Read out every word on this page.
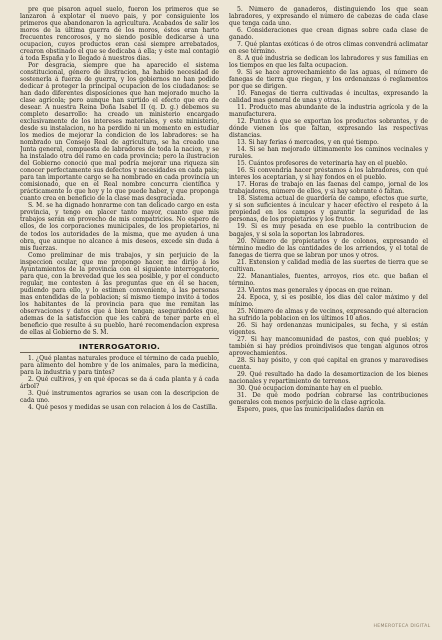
pre que pisaron aquel suelo, fueron los primeros que se lanzaron á explotar el nuevo pais, y por consiguiente los primeros que abandonaron la agricultura. Acabados de salir los moros de la última guerra de los moros, éstos eran harto frecuentes rencorosos, y no siendo posible dedicarse á una ocupacion, cuyos productos eran casi siempre arrebatados, crearon obstinado el que se dedicaba á ella; y este mal contagió á toda España y lo llegado á nuestros dias.

Por desgracia, siempre que ha aparecido el sistema constitucional, género de ilustracion, ha habido necesidad de sostenerla á fuerza de guerra, y los gobiernos no han podido dedicar á proteger la principal ocupacion de los ciudadanos: se han dado diferentes disposiciones que han mejorado mucho la clase agrícola; pero aunque han surtido el efecto que era de desear. A nuestra Reina Doña Isabel II (q. D. g.) debemos su completo desarrollo: ha creado un ministerio encargado exclusivamente de los intereses materiales, y este ministerio, desde su instalacion, no ha perdido ni un momento en estudiar los medios de mejorar la condicion de los labradores: se ha nombrado un Consejo Real de agricultura, se ha creado una Junta general, compuesta de labradores de toda la nacion, y se ha instalado otra del ramo en cada provincia; pero la ilustracion del Gobierno conoció que mal podría mejorar una riqueza sin conocer perfectamente sus defectos y necesidades en cada pais; para tan importante cargo se ha nombrado en cada provincia un comisionado, que en el Real nombre concurra científica y prácticamente lo que hoy y lo que puede haber, y que proponga cuanto crea en beneficio de la clase mas desgraciada.

S. M. se ha dignado honrarme con tan delicado cargo en esta provincia, y tengo en placer tanto mayor, cuanto que mis trabajos serán en provecho de mis compatricios. No espero de ellos, de los corporaciones municipales, de los propietarios, ni de todos los autoridades de la misma, que me ayuden á una obra, que aunque no alcance á mis deseos, excede sin duda á mis fuerzas.

Como preliminar de mis trabajos, y sin perjuicio de la inspeccion ocular, que me propongo hacer, me dirijo á los Ayuntamientos de la provincia con el siguiente interrogatorio, para que, con la brevedad que les sea posible, y por el conducto regular, me contesten á las preguntas que en él se hacen, pudiendo para ello, y lo estimen conveniente, á las personas mas entendidas de la poblacion; sí mismo tiempo invito á todos los habitantes de la provincia para que me remitan las observaciones y datos que á bien tengan; asegurándoles que, ademas de la satisfaccion que les cabrá de tener parte en el beneficio que resulte á su pueblo, haré recomendacion expresa de ellas al Gobierno de S. M.

INTERROGATORIO.

1. ¿Qué plantas naturales produce el término de cada pueblo, para alimento del hombre y de los animales, para la medicina, para la industria y para tintes?

2. Qué cultivos, y en qué épocas se da á cada planta y á cada árbol?

3. Qué instrumentos agrarios se usan con la descripcion de cada uno.

4. Qué pesos y medidas se usan con relacion á los de Castilla.

5. Número de ganaderos, distinguiendo los que sean labradores, y expresando el número de cabezas de cada clase que tenga cada uno.

6. Consideraciones que crean dignas sobre cada clase de ganado.

7. Qué plantas exóticas ó de otros climas convendrá aclimatar en ese término.

8. A qué industria se dedican los labradores y sus familias en los tiempos en que les falta ocupacion.

9. Si se hace aprovechamiento de las aguas, el número de fanegas de tierra que riegan, y los ordenanzas ó reglamentos por que se dirigen.

10. Fanegas de tierra cultivadas é incultas, expresando la calidad mas general de unas y otras.

11. Producto mas abundante de la industria agrícola y de la manufacturera.

12. Puntos á que se exportan los productos sobrantes, y de dónde vienen los que faltan, expresando las respectivas distancias.

13. Si hay ferias ó mercados, y en qué tiempo.

14. Si se han mejorado últimamente los caminos vecinales y rurales.

15. Cuántos profesores de veterinaria hay en el pueblo.

16. Si convendría hacer préstamos á los labradores, con qué interes los aceptarían, y si hay fondos en el pueblo.

17. Horas de trabajo en las faenas del campo, jornal de los trabajadores, número de ellos, y si hay sobrante ó faltan.

18. Sistema actual de guardería de campo, efectos que surte, y si son suficientes á inculcar y hacer efectivo el respeto á la propiedad en los campos y garantir la seguridad de las personas, de los propietarios y los frutos.

19. Si es muy pesada en ese pueblo la contribucion de bagajes, y si sola la soportan los labradores.

20. Número de propietarios y de colonos, expresando el término medio de las cantidades de los arriendos, y el total de fanegas de tierra que se labran por unos y otros.

21. Extension y calidad media de las suertes de tierra que se cultivan.

22. Manantiales, fuentes, arroyos, rios etc. que bañan el término.

23. Vientos mas generales y épocas en que reinan.

24. Epoca, y, si es posible, los dias del calor máximo y del mínimo.

25. Número de almas y de vecinos, expresando qué alteracion ha sufrido la poblacion en los últimos 10 años.

26. Si hay ordenanzas municipales, su fecha, y si están vigentes.

27. Si hay mancomunidad de pastos, con qué pueblos; y también si hay prédios proindivisos que tengan algunos otros aprovechamientos.

28. Si hay pósito, y con qué capital en granos y maravedises cuenta.

29. Qué resultado ha dado la desamortizacion de los bienes nacionales y repartimiento de terrenos.

30. Qué ocupacion dominante hay en el pueblo.

31. De qué modo podrían cobrarse las contribuciones generales con menos perjuicio de la clase agrícola.

Espero, pues, que las municipalidades darán en

HEMEROTECA DIGITAL
